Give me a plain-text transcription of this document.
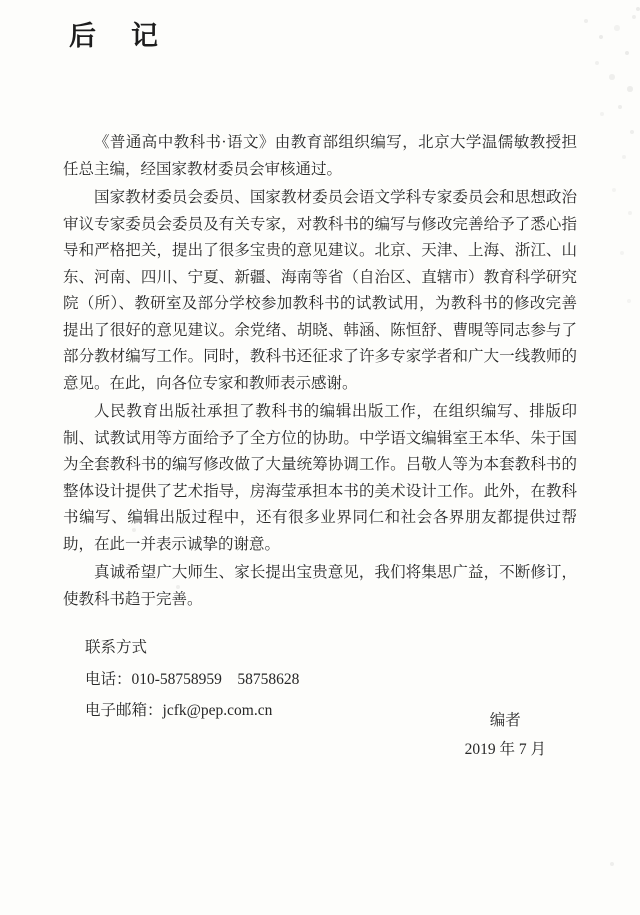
后　记

《普通高中教科书·语文》由教育部组织编写，北京大学温儒敏教授担任总主编，经国家教材委员会审核通过。

国家教材委员会委员、国家教材委员会语文学科专家委员会和思想政治审议专家委员会委员及有关专家，对教科书的编写与修改完善给予了悉心指导和严格把关，提出了很多宝贵的意见建议。北京、天津、上海、浙江、山东、河南、四川、宁夏、新疆、海南等省（自治区、直辖市）教育科学研究院（所）、教研室及部分学校参加教科书的试教试用，为教科书的修改完善提出了很好的意见建议。余党绪、胡晓、韩涵、陈恒舒、曹晛等同志参与了部分教材编写工作。同时，教科书还征求了许多专家学者和广大一线教师的意见。在此，向各位专家和教师表示感谢。

人民教育出版社承担了教科书的编辑出版工作，在组织编写、排版印制、试教试用等方面给予了全方位的协助。中学语文编辑室王本华、朱于国为全套教科书的编写修改做了大量统筹协调工作。吕敬人等为本套教科书的整体设计提供了艺术指导，房海莹承担本书的美术设计工作。此外，在教科书编写、编辑出版过程中，还有很多业界同仁和社会各界朋友都提供过帮助，在此一并表示诚挚的谢意。

真诚希望广大师生、家长提出宝贵意见，我们将集思广益，不断修订，使教科书趋于完善。

联系方式
电话：010-58758959　58758628
电子邮箱：jcfk@pep.com.cn
编者
2019 年 7 月
